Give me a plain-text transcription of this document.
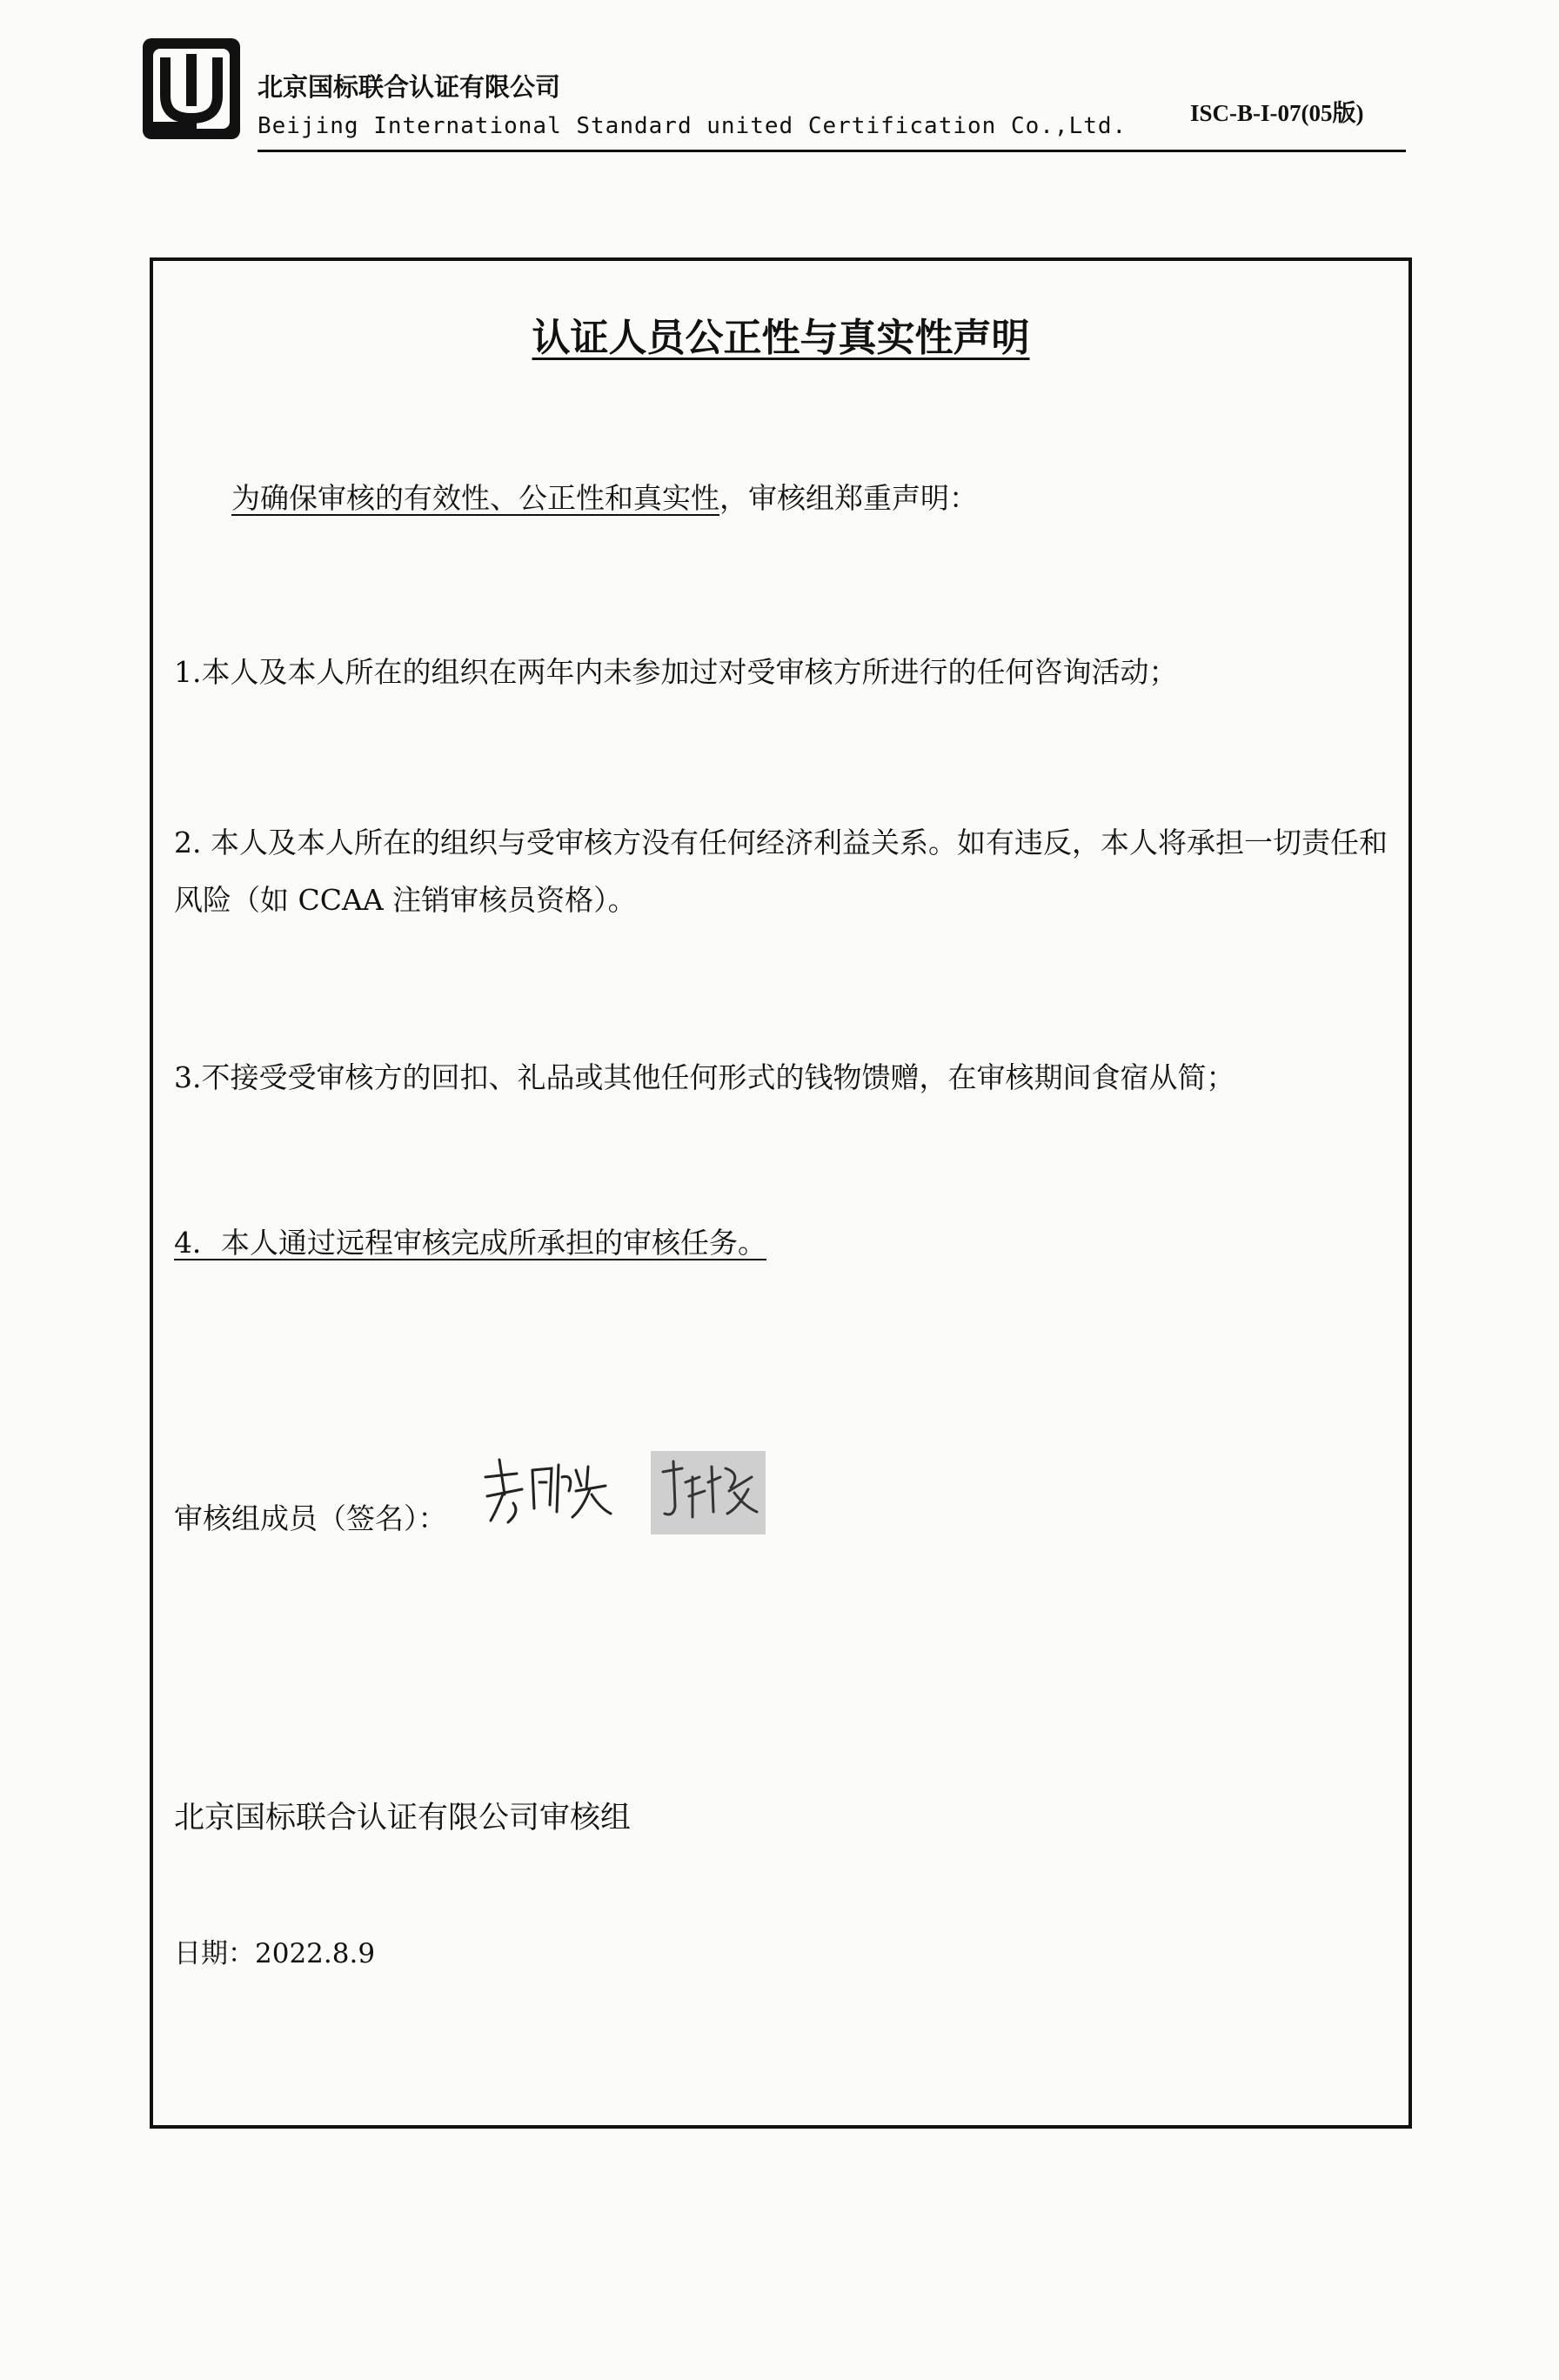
北京国标联合认证有限公司
Beijing International Standard united Certification Co.,Ltd.	ISC-B-I-07(05版)
认证人员公正性与真实性声明
为确保审核的有效性、公正性和真实性，审核组郑重声明：
1.本人及本人所在的组织在两年内未参加过对受审核方所进行的任何咨询活动；
2. 本人及本人所在的组织与受审核方没有任何经济利益关系。如有违反，本人将承担一切责任和风险（如 CCAA 注销审核员资格）。
3.不接受受审核方的回扣、礼品或其他任何形式的钱物馈赠，在审核期间食宿从简；
4．本人通过远程审核完成所承担的审核任务。
审核组成员（签名）：
北京国标联合认证有限公司审核组
日期：2022.8.9
